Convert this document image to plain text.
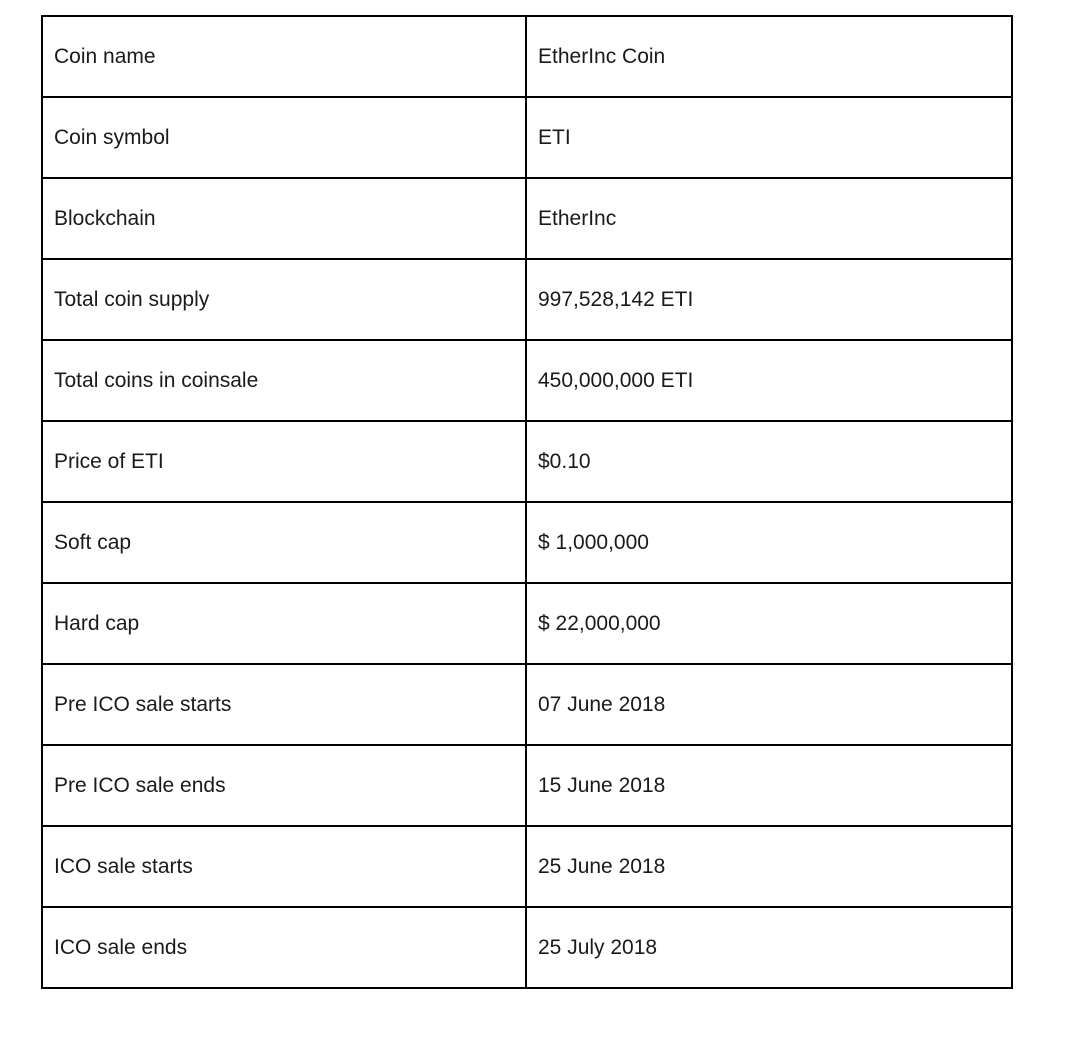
Coin name	EtherInc Coin
Coin symbol	ETI
Blockchain	EtherInc
Total coin supply	997,528,142 ETI
Total coins in coinsale	450,000,000 ETI
Price of ETI	$0.10
Soft cap	$ 1,000,000
Hard cap	$ 22,000,000
Pre ICO sale starts	07 June 2018
Pre ICO sale ends	15 June 2018
ICO sale starts	25 June 2018
ICO sale ends	25 July 2018
